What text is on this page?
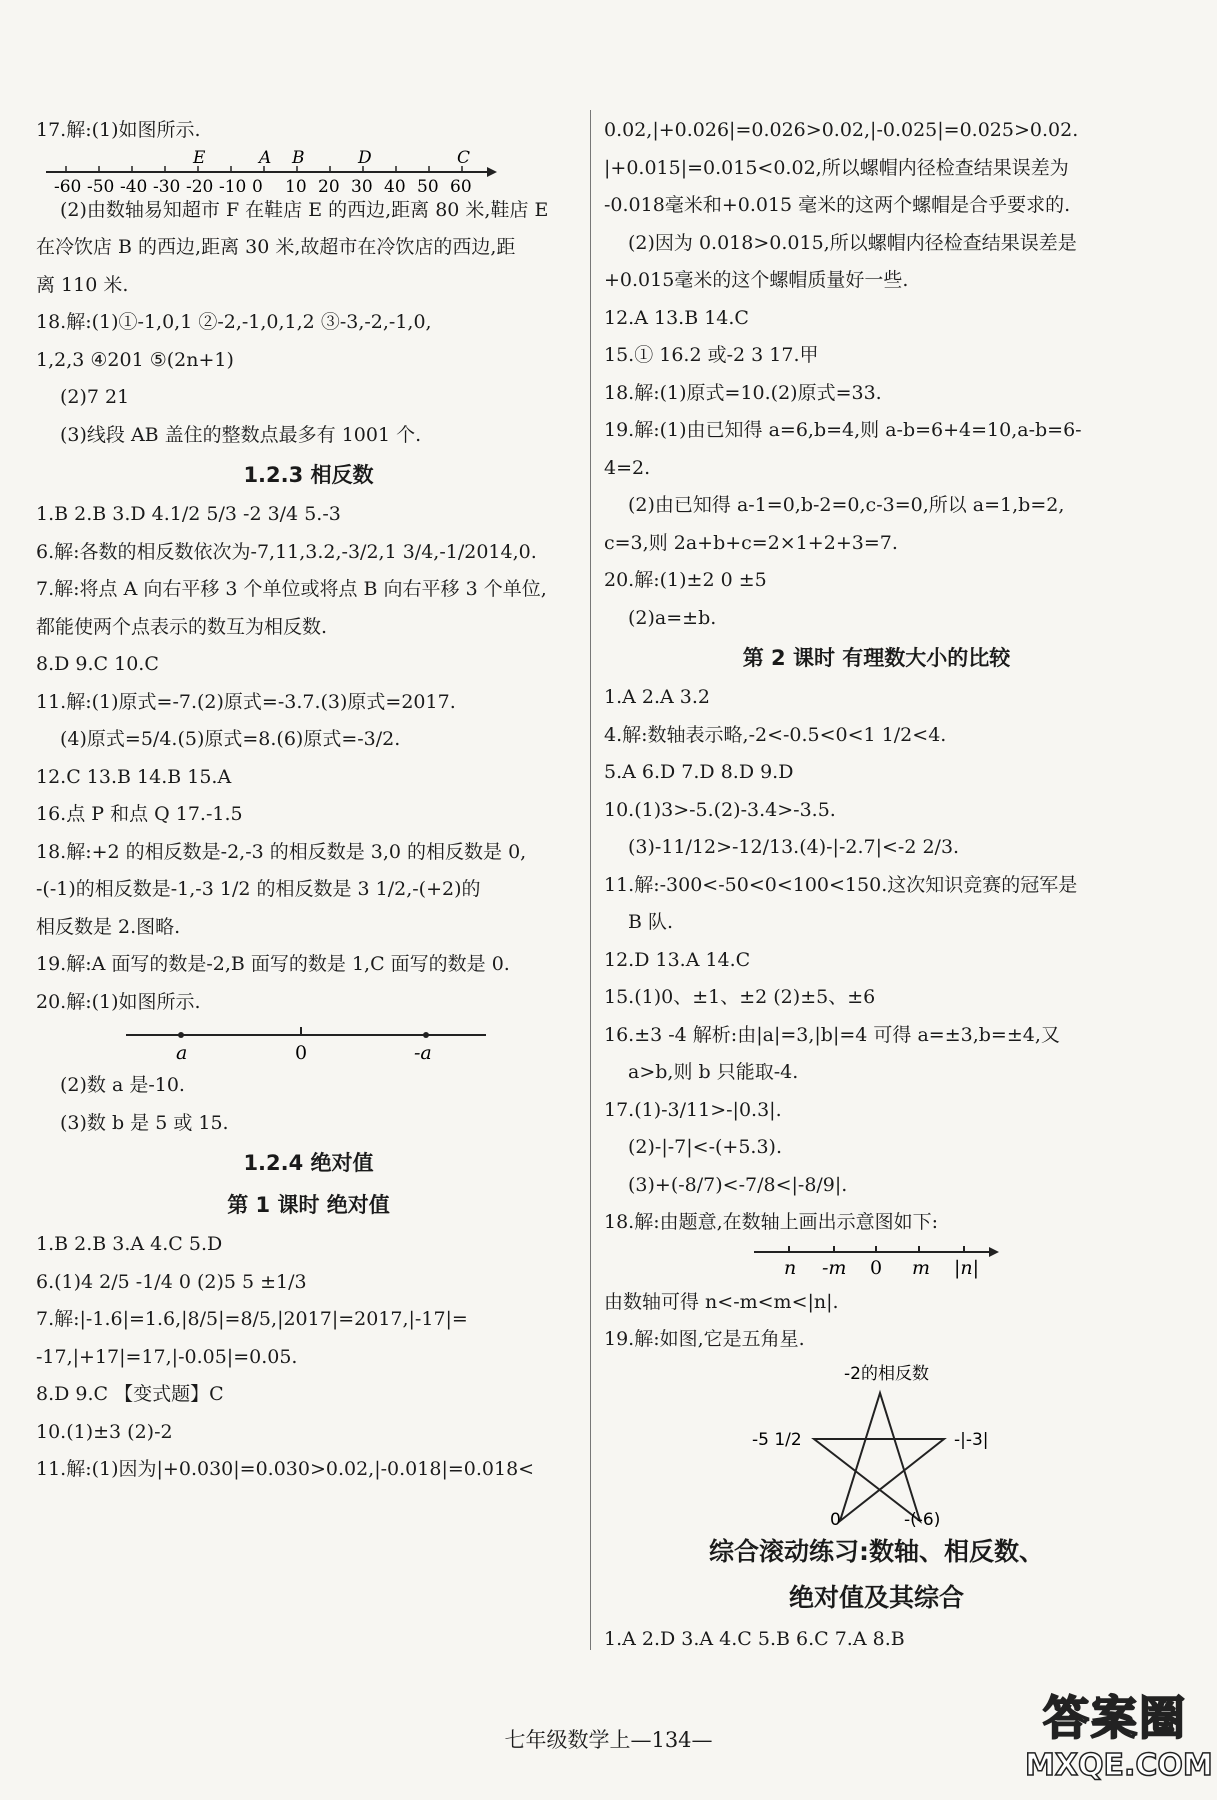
17.解:(1)如图所示.

-60 -50 -40 -30 -20 -10 0 10 20 30 40 50 60
E	A B	D	C

(2)由数轴易知超市 F 在鞋店 E 的西边,距离 80 米,鞋店 E

在冷饮店 B 的西边,距离 30 米,故超市在冷饮店的西边,距

离 110 米.

18.解:(1)①-1,0,1 ②-2,-1,0,1,2 ③-3,-2,-1,0,

1,2,3 ④201 ⑤(2n+1)

(2)7 21

(3)线段 AB 盖住的整数点最多有 1001 个.

1.2.3 相反数

1.B 2.B 3.D 4.1/2 5/3 -2 3/4 5.-3

6.解:各数的相反数依次为-7,11,3.2,-3/2,1 3/4,-1/2014,0.

7.解:将点 A 向右平移 3 个单位或将点 B 向右平移 3 个单位,

都能使两个点表示的数互为相反数.

8.D 9.C 10.C

11.解:(1)原式=-7.(2)原式=-3.7.(3)原式=2017.

(4)原式=5/4.(5)原式=8.(6)原式=-3/2.

12.C 13.B 14.B 15.A

16.点 P 和点 Q 17.-1.5

18.解:+2 的相反数是-2,-3 的相反数是 3,0 的相反数是 0,

-(-1)的相反数是-1,-3 1/2 的相反数是 3 1/2,-(+2)的

相反数是 2.图略.

19.解:A 面写的数是-2,B 面写的数是 1,C 面写的数是 0.

20.解:(1)如图所示.

a	0	-a

(2)数 a 是-10.

(3)数 b 是 5 或 15.

1.2.4 绝对值

第 1 课时 绝对值

1.B 2.B 3.A 4.C 5.D

6.(1)4 2/5 -1/4 0 (2)5 5 ±1/3

7.解:|-1.6|=1.6,|8/5|=8/5,|2017|=2017,|-17|=

-17,|+17|=17,|-0.05|=0.05.

8.D 9.C 【变式题】C

10.(1)±3 (2)-2

11.解:(1)因为|+0.030|=0.030>0.02,|-0.018|=0.018<

0.02,|+0.026|=0.026>0.02,|-0.025|=0.025>0.02.

|+0.015|=0.015<0.02,所以螺帽内径检查结果误差为

-0.018毫米和+0.015 毫米的这两个螺帽是合乎要求的.

(2)因为 0.018>0.015,所以螺帽内径检查结果误差是

+0.015毫米的这个螺帽质量好一些.

12.A 13.B 14.C

15.① 16.2 或-2 3 17.甲

18.解:(1)原式=10.(2)原式=33.

19.解:(1)由已知得 a=6,b=4,则 a-b=6+4=10,a-b=6-

4=2.

(2)由已知得 a-1=0,b-2=0,c-3=0,所以 a=1,b=2,

c=3,则 2a+b+c=2×1+2+3=7.

20.解:(1)±2 0 ±5

(2)a=±b.

第 2 课时 有理数大小的比较

1.A 2.A 3.2

4.解:数轴表示略,-2<-0.5<0<1 1/2<4.

5.A 6.D 7.D 8.D 9.D

10.(1)3>-5.(2)-3.4>-3.5.

(3)-11/12>-12/13.(4)-|-2.7|<-2 2/3.

11.解:-300<-50<0<100<150.这次知识竞赛的冠军是

B 队.

12.D 13.A 14.C

15.(1)0、±1、±2 (2)±5、±6

16.±3 -4 解析:由|a|=3,|b|=4 可得 a=±3,b=±4,又

a>b,则 b 只能取-4.

17.(1)-3/11>-|0.3|.

(2)-|-7|<-(+5.3).

(3)+(-8/7)<-7/8<|-8/9|.

18.解:由题意,在数轴上画出示意图如下:

n -m 0 m |n|

由数轴可得 n<-m<m<|n|.

19.解:如图,它是五角星.

-2的相反数
-5 1/2	-|-3|
0	-(-6)

综合滚动练习:数轴、相反数、

绝对值及其综合

1.A 2.D 3.A 4.C 5.B 6.C 7.A 8.B

七年级数学上—134—	答案圈
MXQE.COM
